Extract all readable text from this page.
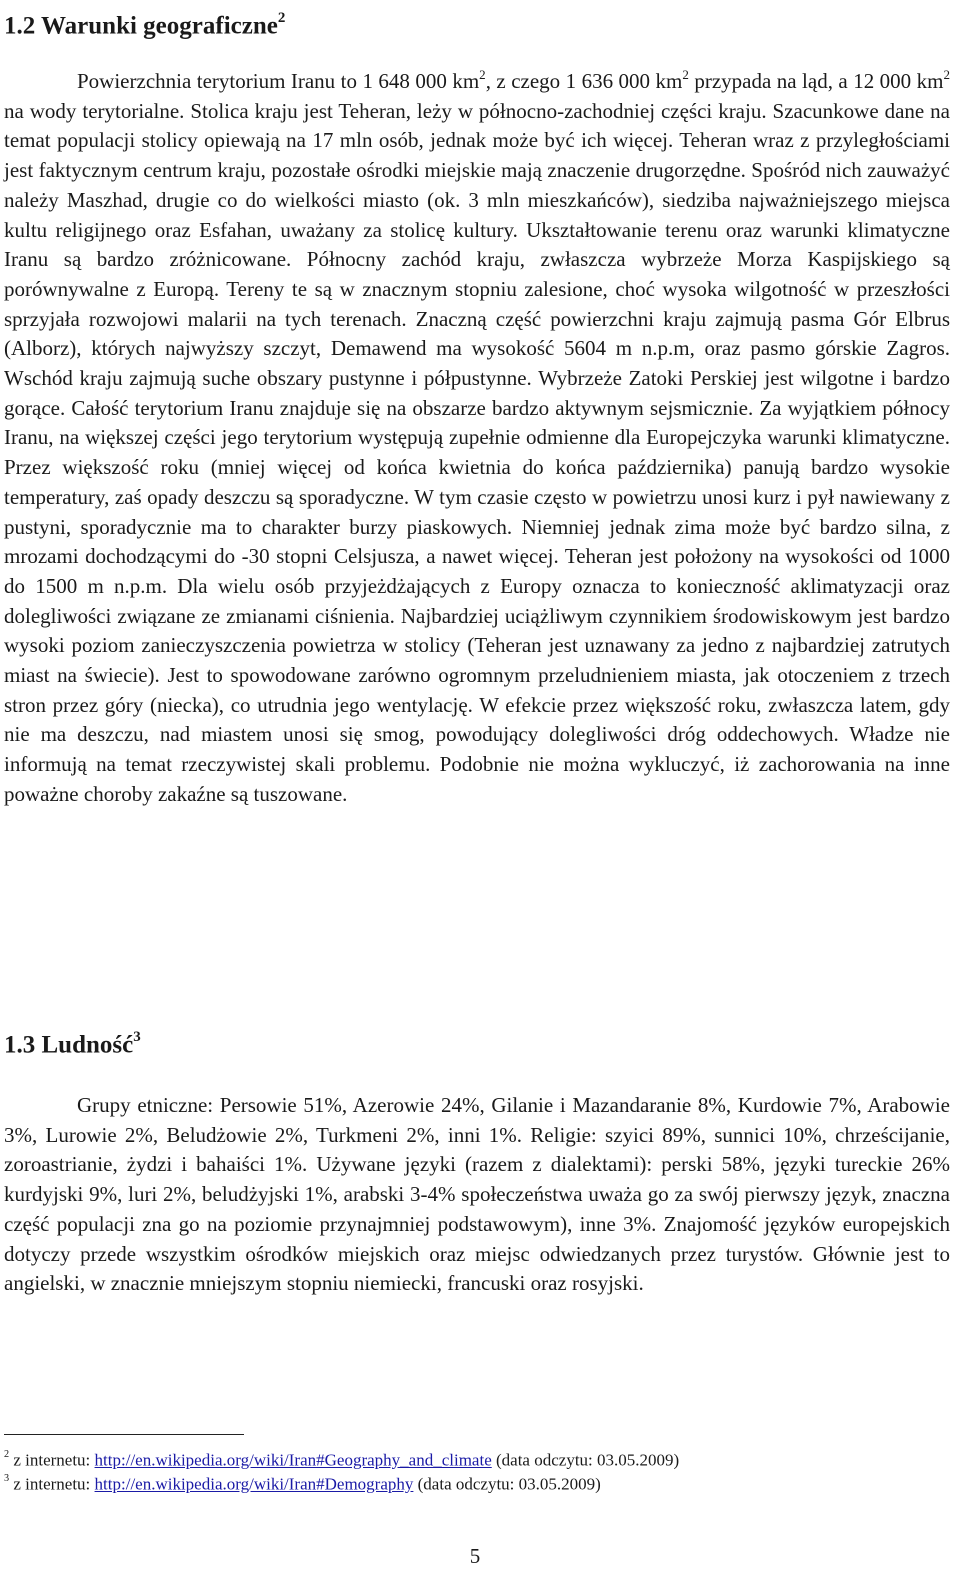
1.2 Warunki geograficzne$^2$

Powierzchnia terytorium Iranu to 1 648 000 $km^2$, z czego 1 636 000 $km^2$ przypada na ląd, a 12 000 $km^2$ na wody terytorialne. Stolica kraju jest Teheran, leży w północno-zachodniej części kraju. Szacunkowe dane na temat populacji stolicy opiewają na 17 mln osób, jednak może być ich więcej. Teheran wraz z przyległościami jest faktycznym centrum kraju, pozostałe ośrodki miejskie mają znaczenie drugorzędne. Spośród nich zauważyć należy Maszhad, drugie co do wielkości miasto (ok. 3 mln mieszkańców), siedziba najważniejszego miejsca kultu religijnego oraz Esfahan, uważany za stolicę kultury. Ukształtowanie terenu oraz warunki klimatyczne Iranu są bardzo zróżnicowane. Północny zachód kraju, zwłaszcza wybrzeże Morza Kaspijskiego są porównywalne z Europą. Tereny te są w znacznym stopniu zalesione, choć wysoka wilgotność w przeszłości sprzyjała rozwojowi malarii na tych terenach. Znaczną część powierzchni kraju zajmują pasma Gór Elbrus (Alborz), których najwyższy szczyt, Demawend ma wysokość 5604 m n.p.m, oraz pasmo górskie Zagros. Wschód kraju zajmują suche obszary pustynne i półpustynne. Wybrzeże Zatoki Perskiej jest wilgotne i bardzo gorące. Całość terytorium Iranu znajduje się na obszarze bardzo aktywnym sejsmicznie. Za wyjątkiem północy Iranu, na większej części jego terytorium występują zupełnie odmienne dla Europejczyka warunki klimatyczne. Przez większość roku (mniej więcej od końca kwietnia do końca października) panują bardzo wysokie temperatury, zaś opady deszczu są sporadyczne. W tym czasie często w powietrzu unosi kurz i pył nawiewany z pustyni, sporadycznie ma to charakter burzy piaskowych. Niemniej jednak zima może być bardzo silna, z mrozami dochodzącymi do -30 stopni Celsjusza, a nawet więcej. Teheran jest położony na wysokości od 1000 do 1500 m n.p.m. Dla wielu osób przyjeżdżających z Europy oznacza to konieczność aklimatyzacji oraz dolegliwości związane ze zmianami ciśnienia. Najbardziej uciążliwym czynnikiem środowiskowym jest bardzo wysoki poziom zanieczyszczenia powietrza w stolicy (Teheran jest uznawany za jedno z najbardziej zatrutych miast na świecie). Jest to spowodowane zarówno ogromnym przeludnieniem miasta, jak otoczeniem z trzech stron przez góry (niecka), co utrudnia jego wentylację. W efekcie przez większość roku, zwłaszcza latem, gdy nie ma deszczu, nad miastem unosi się smog, powodujący dolegliwości dróg oddechowych. Władze nie informują na temat rzeczywistej skali problemu. Podobnie nie można wykluczyć, iż zachorowania na inne poważne choroby zakaźne są tuszowane.

1.3 Ludność$^3$

Grupy etniczne: Persowie 51%, Azerowie 24%, Gilanie i Mazandaranie 8%, Kurdowie 7%, Arabowie 3%, Lurowie 2%, Beludżowie 2%, Turkmeni 2%, inni 1%. Religie: szyici 89%, sunnici 10%, chrześcijanie, zoroastrianie, żydzi i bahaiści 1%. Używane języki (razem z dialektami): perski 58%, języki tureckie 26% kurdyjski 9%, luri 2%, beludżyjski 1%, arabski 3-4% społeczeństwa uważa go za swój pierwszy język, znaczna część populacji zna go na poziomie przynajmniej podstawowym), inne 3%. Znajomość języków europejskich dotyczy przede wszystkim ośrodków miejskich oraz miejsc odwiedzanych przez turystów. Głównie jest to angielski, w znacznie mniejszym stopniu niemiecki, francuski oraz rosyjski.

$^2$ z internetu: http://en.wikipedia.org/wiki/Iran#Geography_and_climate (data odczytu: 03.05.2009)

$^3$ z internetu: http://en.wikipedia.org/wiki/Iran#Demography (data odczytu: 03.05.2009)

5
